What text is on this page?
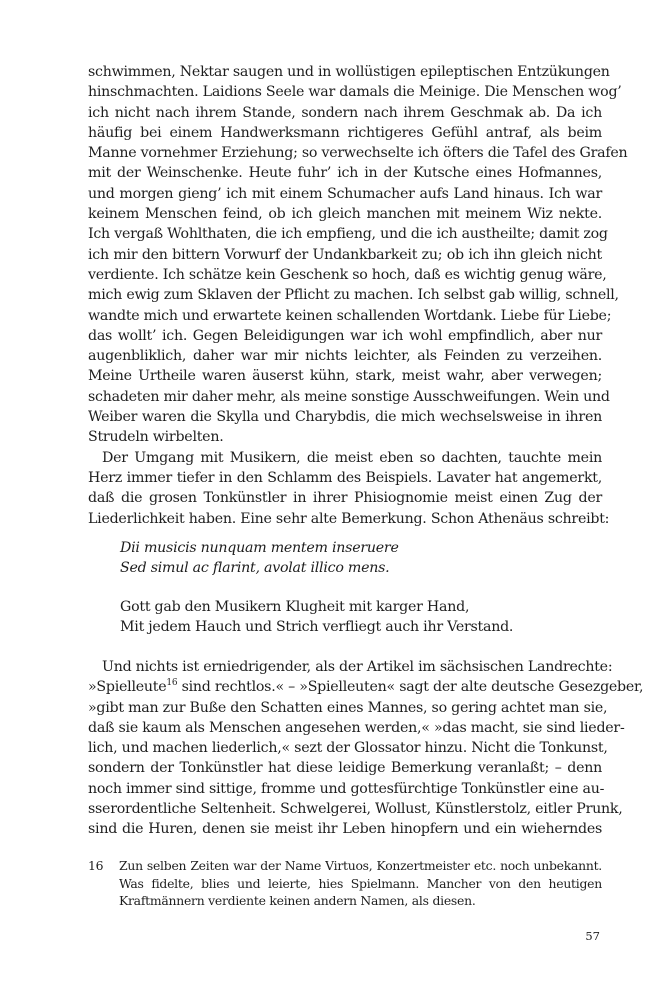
schwimmen, Nektar saugen und in wollüstigen epileptischen Entzükungen
hinschmachten. Laidions Seele war damals die Meinige. Die Menschen wog’
ich nicht nach ihrem Stande, sondern nach ihrem Geschmak ab. Da ich
häufig bei einem Handwerksmann richtigeres Gefühl antraf, als beim
Manne vornehmer Erziehung; so verwechselte ich öfters die Tafel des Grafen
mit der Weinschenke. Heute fuhr’ ich in der Kutsche eines Hofmannes,
und morgen gieng’ ich mit einem Schumacher aufs Land hinaus. Ich war
keinem Menschen feind, ob ich gleich manchen mit meinem Wiz nekte.
Ich vergaß Wohlthaten, die ich empfieng, und die ich austheilte; damit zog
ich mir den bittern Vorwurf der Undankbarkeit zu; ob ich ihn gleich nicht
verdiente. Ich schätze kein Geschenk so hoch, daß es wichtig genug wäre,
mich ewig zum Sklaven der Pflicht zu machen. Ich selbst gab willig, schnell,
wandte mich und erwartete keinen schallenden Wortdank. Liebe für Liebe;
das wollt’ ich. Gegen Beleidigungen war ich wohl empfindlich, aber nur
augenbliklich, daher war mir nichts leichter, als Feinden zu verzeihen.
Meine Urtheile waren äuserst kühn, stark, meist wahr, aber verwegen;
schadeten mir daher mehr, als meine sonstige Ausschweifungen. Wein und
Weiber waren die Skylla und Charybdis, die mich wechselsweise in ihren
Strudeln wirbelten.
Der Umgang mit Musikern, die meist eben so dachten, tauchte mein
Herz immer tiefer in den Schlamm des Beispiels. Lavater hat angemerkt,
daß die grosen Tonkünstler in ihrer Phisiognomie meist einen Zug der
Liederlichkeit haben. Eine sehr alte Bemerkung. Schon Athenäus schreibt:
Dii musicis nunquam mentem inseruere
Sed simul ac flarint, avolat illico mens.
Gott gab den Musikern Klugheit mit karger Hand,
Mit jedem Hauch und Strich verfliegt auch ihr Verstand.
Und nichts ist erniedrigender, als der Artikel im sächsischen Landrechte:
»Spielleute$^{16}$ sind rechtlos.« – »Spielleuten« sagt der alte deutsche Gesezgeber,
»gibt man zur Buße den Schatten eines Mannes, so gering achtet man sie,
daß sie kaum als Menschen angesehen werden,« »das macht, sie sind lieder-
lich, und machen liederlich,« sezt der Glossator hinzu. Nicht die Tonkunst,
sondern der Tonkünstler hat diese leidige Bemerkung veranlaßt; – denn
noch immer sind sittige, fromme und gottesfürchtige Tonkünstler eine au-
sserordentliche Seltenheit. Schwelgerei, Wollust, Künstlerstolz, eitler Prunk,
sind die Huren, denen sie meist ihr Leben hinopfern und ein wieherndes
16 Zun selben Zeiten war der Name Virtuos, Konzertmeister etc. noch unbekannt.
Was fidelte, blies und leierte, hies Spielmann. Mancher von den heutigen
Kraftmännern verdiente keinen andern Namen, als diesen.
57
